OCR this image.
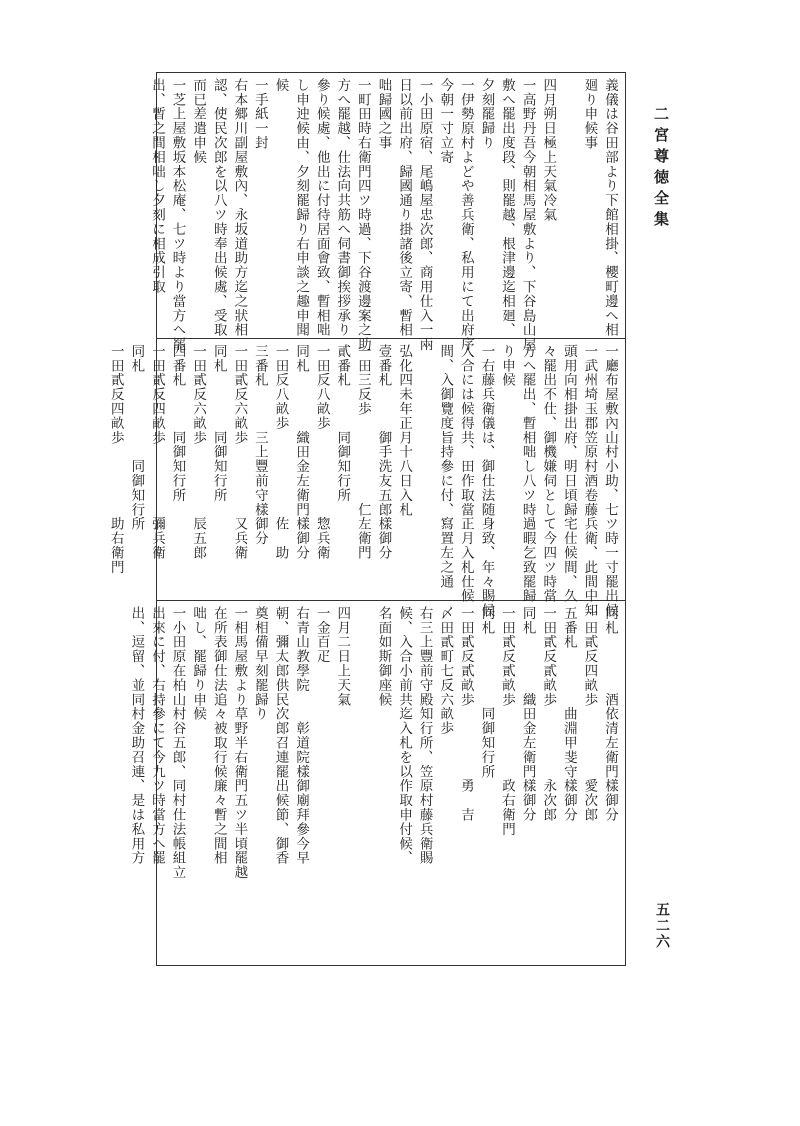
二宮尊徳全集
五二六

義儀は谷田部より下館相掛、櫻町邊へ相

廻り申候事

四月朔日極上天氣冷氣

一高野丹吾今朝相馬屋敷より、下谷島山屋

敷へ罷出度段、則罷越、根津邊迄相廻、

夕刻罷歸り

一伊勢原村よどや善兵衛、私用にて出府序

今朝一寸立寄

一小田原宿、尾嶋屋忠次郎、商用仕入一兩

日以前出府、歸國通り掛諸後立寄、暫相

咄歸國之事

一町田時右衛門四ツ時過、下谷渡邊案之助

方へ罷越、仕法向共筋へ伺書御挨拶承り

參り候處、他出に付待居面會致、暫相咄

し申迚候由、夕刻罷歸り右申談之趣申聞

候

一手紙一封

右本郷川副屋敷內、永坂道助方迄之狀相

認、使民次郎を以八ツ時奉出候處、受取

而已差遣申候

一芝上屋敷坂本松庵、七ツ時より當方へ罷

出、暫之間相咄し夕刻に相成引取

一廳布屋敷內山村小助、七ツ時一寸罷出候

一武州埼玉郡笠原村酒卷藤兵衛、此間中知

頭用向相掛出府、明日頃歸宅仕候間、久

々罷出不仕、御機嫌伺として今四ツ時當

方へ罷出、暫相咄し八ツ時過暇乞致罷歸

り申候

一右藤兵衛儀は、御仕法随身致、年々賜候

入合には候得共、田作取當正月入札仕候

間、入御覽度旨持參に付、寫置左之通

弘化四未年正月十八日入札

壹番札　　　御手洗友五郎樣御分

一田三反歩　　　　　　仁左衛門

貳番札　　　同御知行所

一田反八畝歩　　　　　　惣兵衛

同札　　　　織田金左衛門樣御分

一田反八畝歩　　　　　　佐　助

三番札　　　三上豐前守樣御分

一田貳反六畝歩　　　　　又兵衛

同札　　　　同御知行所

一田貳反六畝歩　　　　　辰五郎

四番札　　　同御知行所

一田貳反四畝歩　　　　　彌兵衛

同札　　　　　　同御知行所

一田貳反四畝歩　　　　　助右衛門

同札　　　　酒依清左衛門樣御分

一田貳反四畝歩　　　　　愛次郎

五番札　　　　曲淵甲斐守樣御分

一田貳反貳畝歩　　　　　永次郎

同札　　　　織田金左衛門樣御分

一田貳反貳畝歩　　　　　政右衛門

同札　　　　　同御知行所

一田貳反貳畝歩　　　　　勇　吉

〆田貳町七反六畝歩

右三上豐前守殿知行所、笠原村藤兵衛賜

候、入合小前共迄入札を以作取申付候、

名面如斯御座候

四月二日上天氣

一金百疋

右青山教學院　　彰道院樣御廟拜參今早

朝、彌太郎供民次郎召連罷出候節、御香

奠相備早刻罷歸り

一相馬屋敷より草野半右衛門五ツ半頃罷越

在所表御仕法追々被取行候廉々暫之間相

咄し、罷歸り申候

一小田原在柏山村谷五郎、同村仕法帳組立

出來に付、右持參にて今九ツ時當方へ罷

出、逗留、並同村金助召連、是は私用方
